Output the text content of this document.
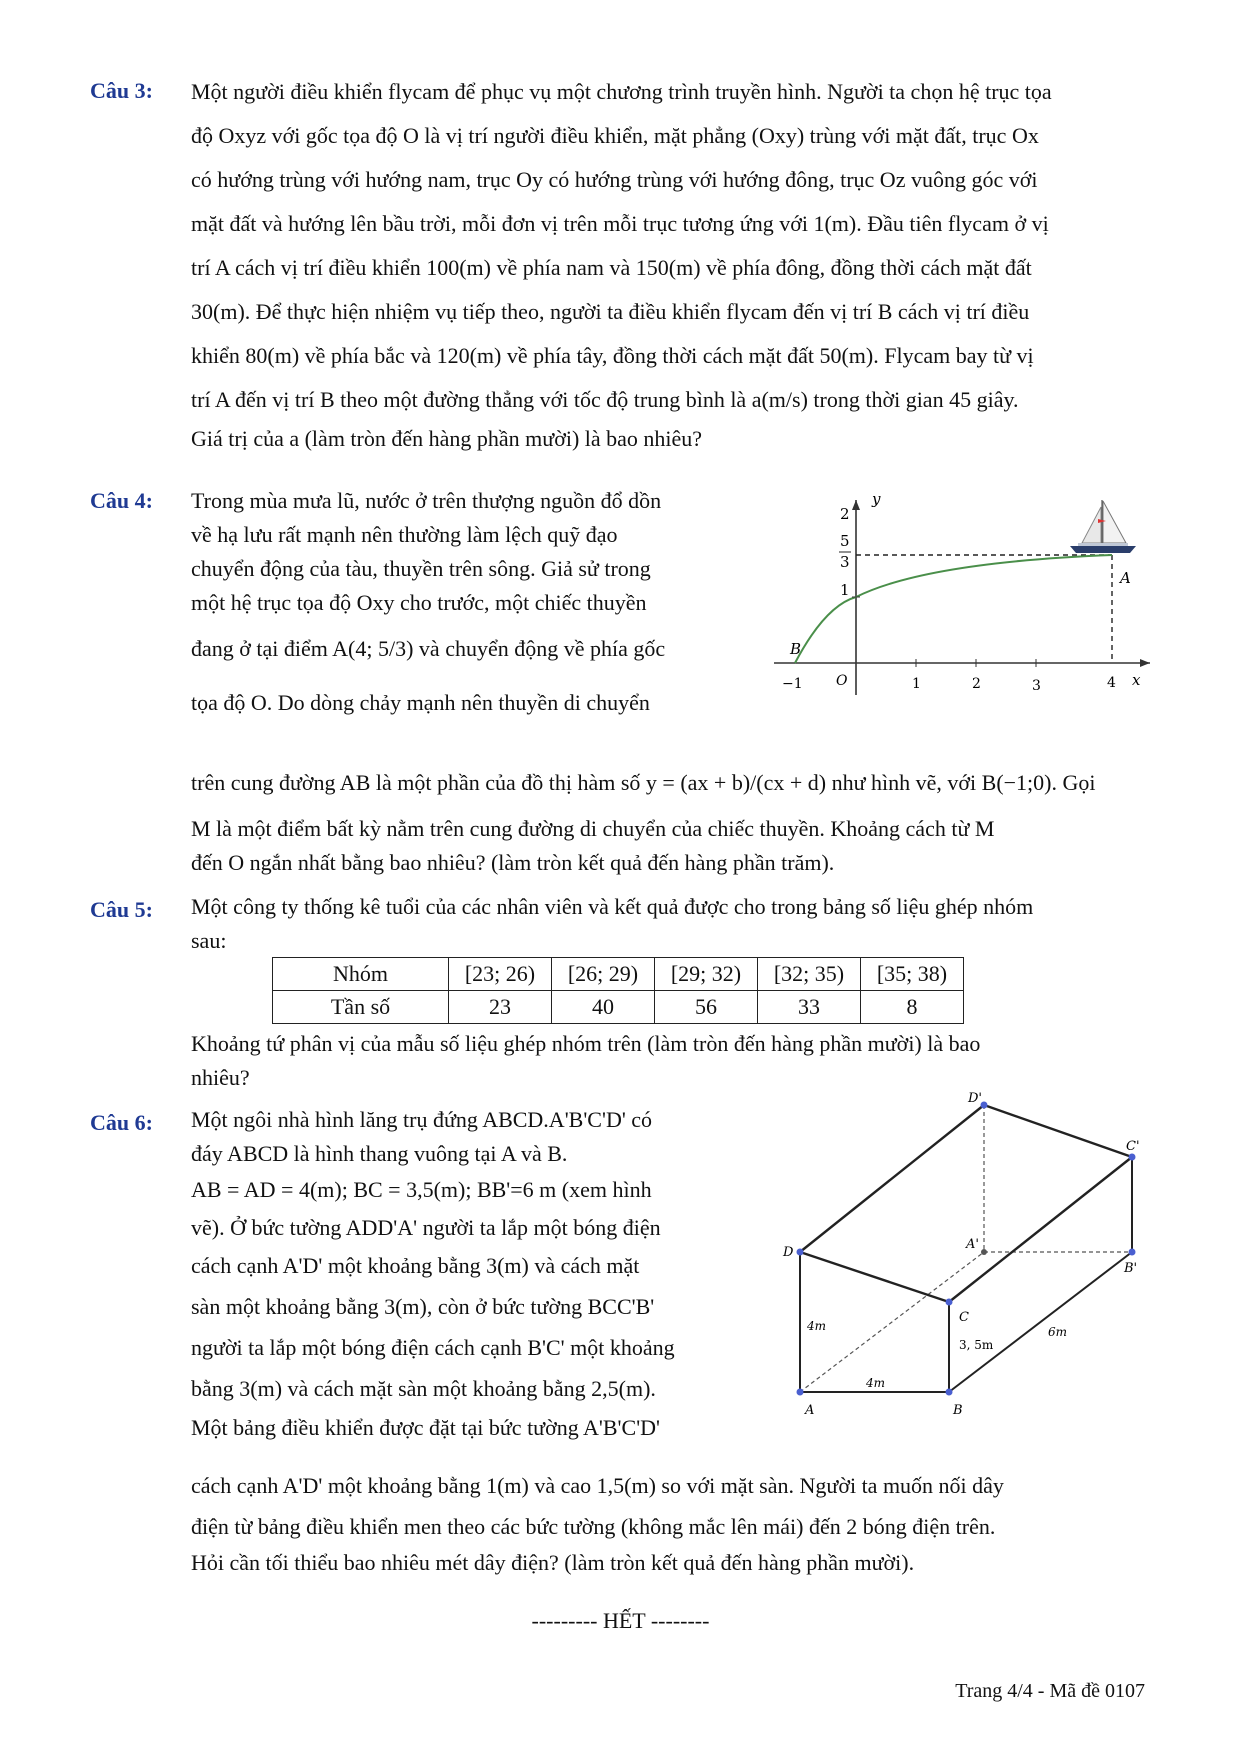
Câu 3: Một người điều khiển flycam để phục vụ một chương trình truyền hình. Người ta chọn hệ trục tọa
độ Oxyz với gốc tọa độ O là vị trí người điều khiển, mặt phẳng (Oxy) trùng với mặt đất, trục Ox
có hướng trùng với hướng nam, trục Oy có hướng trùng với hướng đông, trục Oz vuông góc với
mặt đất và hướng lên bầu trời, mỗi đơn vị trên mỗi trục tương ứng với 1(m). Đầu tiên flycam ở vị
trí A cách vị trí điều khiển 100(m) về phía nam và 150(m) về phía đông, đồng thời cách mặt đất
30(m). Để thực hiện nhiệm vụ tiếp theo, người ta điều khiển flycam đến vị trí B cách vị trí điều
khiển 80(m) về phía bắc và 120(m) về phía tây, đồng thời cách mặt đất 50(m). Flycam bay từ vị
trí A đến vị trí B theo một đường thẳng với tốc độ trung bình là a(m/s) trong thời gian 45 giây.
Giá trị của a (làm tròn đến hàng phần mười) là bao nhiêu?
Câu 4: Trong mùa mưa lũ, nước ở trên thượng nguồn đổ dồn
về hạ lưu rất mạnh nên thường làm lệch quỹ đạo
chuyển động của tàu, thuyền trên sông. Giả sử trong
một hệ trục tọa độ Oxy cho trước, một chiếc thuyền
đang ở tại điểm A(4; 5/3) và chuyển động về phía gốc
tọa độ O. Do dòng chảy mạnh nên thuyền di chuyển
trên cung đường AB là một phần của đồ thị hàm số y = (ax + b)/(cx + d) như hình vẽ, với B(−1;0). Gọi
M là một điểm bất kỳ nằm trên cung đường di chuyển của chiếc thuyền. Khoảng cách từ M
đến O ngắn nhất bằng bao nhiêu? (làm tròn kết quả đến hàng phần trăm).
y
x
2
5
3
1
B
A
−1 O	1	2	3	4
Câu 5: Một công ty thống kê tuổi của các nhân viên và kết quả được cho trong bảng số liệu ghép nhóm
sau:
Nhóm	[23; 26)	[26; 29)	[29; 32)	[32; 35)	[35; 38)
Tần số	23	40	56	33	8
Khoảng tứ phân vị của mẫu số liệu ghép nhóm trên (làm tròn đến hàng phần mười) là bao
nhiêu?
Câu 6: Một ngôi nhà hình lăng trụ đứng ABCD.A'B'C'D' có
đáy ABCD là hình thang vuông tại A và B.
AB = AD = 4(m); BC = 3,5(m); BB'=6 m (xem hình
vẽ). Ở bức tường ADD'A' người ta lắp một bóng điện
cách cạnh A'D' một khoảng bằng 3(m) và cách mặt
sàn một khoảng bằng 3(m), còn ở bức tường BCC'B'
người ta lắp một bóng điện cách cạnh B'C' một khoảng
bằng 3(m) và cách mặt sàn một khoảng bằng 2,5(m).
Một bảng điều khiển được đặt tại bức tường A'B'C'D'
cách cạnh A'D' một khoảng bằng 1(m) và cao 1,5(m) so với mặt sàn. Người ta muốn nối dây
điện từ bảng điều khiển men theo các bức tường (không mắc lên mái) đến 2 bóng điện trên.
Hỏi cần tối thiểu bao nhiêu mét dây điện? (làm tròn kết quả đến hàng phần mười).
D'
C'
A'
B'
D
C
A	B
4m
3, 5m
6m
4m
--------- HẾT --------
Trang 4/4 - Mã đề 0107
